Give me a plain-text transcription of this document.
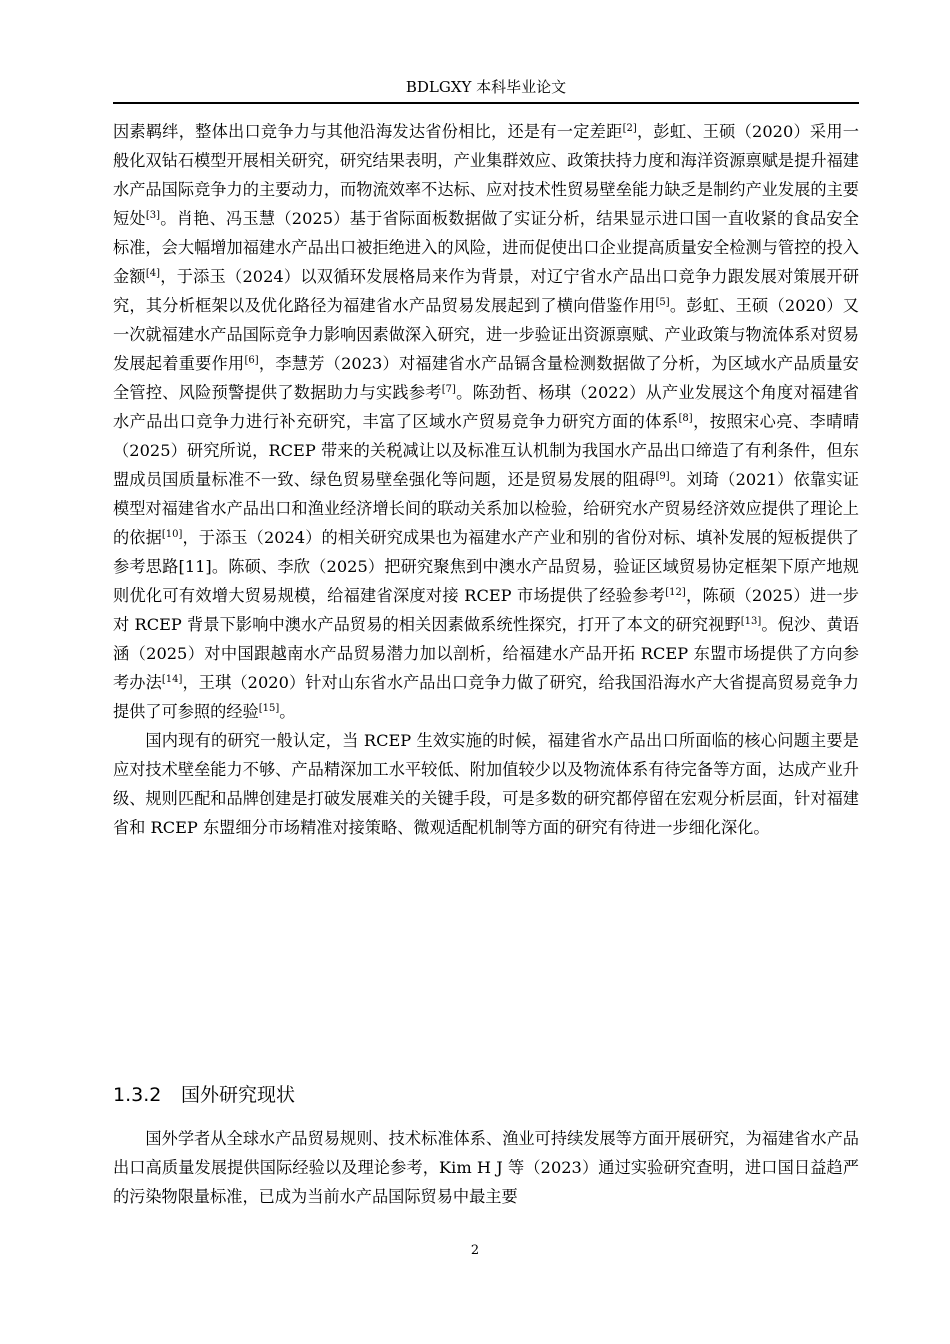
BDLGXY 本科毕业论文

因素羁绊，整体出口竞争力与其他沿海发达省份相比，还是有一定差距[2]，彭虹、王硕（2020）采用一般化双钻石模型开展相关研究，研究结果表明，产业集群效应、政策扶持力度和海洋资源禀赋是提升福建水产品国际竞争力的主要动力，而物流效率不达标、应对技术性贸易壁垒能力缺乏是制约产业发展的主要短处[3]。肖艳、冯玉慧（2025）基于省际面板数据做了实证分析，结果显示进口国一直收紧的食品安全标准，会大幅增加福建水产品出口被拒绝进入的风险，进而促使出口企业提高质量安全检测与管控的投入金额[4]，于添玉（2024）以双循环发展格局来作为背景，对辽宁省水产品出口竞争力跟发展对策展开研究，其分析框架以及优化路径为福建省水产品贸易发展起到了横向借鉴作用[5]。彭虹、王硕（2020）又一次就福建水产品国际竞争力影响因素做深入研究，进一步验证出资源禀赋、产业政策与物流体系对贸易发展起着重要作用[6]，李慧芳（2023）对福建省水产品镉含量检测数据做了分析，为区域水产品质量安全管控、风险预警提供了数据助力与实践参考[7]。陈劲哲、杨琪（2022）从产业发展这个角度对福建省水产品出口竞争力进行补充研究，丰富了区域水产贸易竞争力研究方面的体系[8]，按照宋心亮、李晴晴（2025）研究所说，RCEP 带来的关税减让以及标准互认机制为我国水产品出口缔造了有利条件，但东盟成员国质量标准不一致、绿色贸易壁垒强化等问题，还是贸易发展的阻碍[9]。刘琦（2021）依靠实证模型对福建省水产品出口和渔业经济增长间的联动关系加以检验，给研究水产贸易经济效应提供了理论上的依据[10]，于添玉（2024）的相关研究成果也为福建水产产业和别的省份对标、填补发展的短板提供了参考思路[11]。陈硕、李欣（2025）把研究聚焦到中澳水产品贸易，验证区域贸易协定框架下原产地规则优化可有效增大贸易规模，给福建省深度对接 RCEP 市场提供了经验参考[12]，陈硕（2025）进一步对 RCEP 背景下影响中澳水产品贸易的相关因素做系统性探究，打开了本文的研究视野[13]。倪沙、黄语涵（2025）对中国跟越南水产品贸易潜力加以剖析，给福建水产品开拓 RCEP 东盟市场提供了方向参考办法[14]，王琪（2020）针对山东省水产品出口竞争力做了研究，给我国沿海水产大省提高贸易竞争力提供了可参照的经验[15]。

国内现有的研究一般认定，当 RCEP 生效实施的时候，福建省水产品出口所面临的核心问题主要是应对技术壁垒能力不够、产品精深加工水平较低、附加值较少以及物流体系有待完备等方面，达成产业升级、规则匹配和品牌创建是打破发展难关的关键手段，可是多数的研究都停留在宏观分析层面，针对福建省和 RCEP 东盟细分市场精准对接策略、微观适配机制等方面的研究有待进一步细化深化。

1.3.2 国外研究现状

国外学者从全球水产品贸易规则、技术标准体系、渔业可持续发展等方面开展研究，为福建省水产品出口高质量发展提供国际经验以及理论参考，Kim H J 等（2023）通过实验研究查明，进口国日益趋严的污染物限量标准，已成为当前水产品国际贸易中最主要

2
